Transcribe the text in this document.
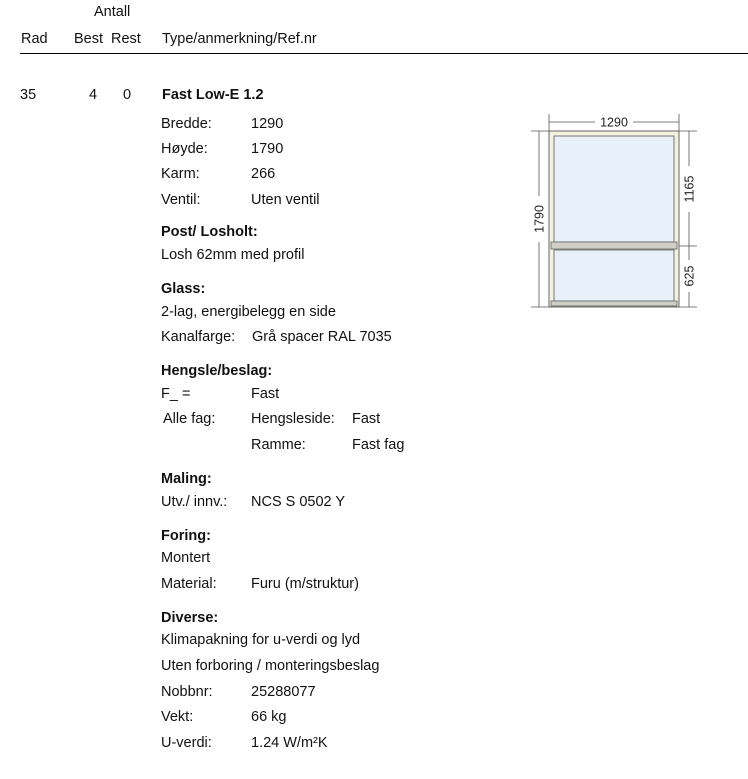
Antall
Rad Best Rest Type/anmerkning/Ref.nr
35	4 0 Fast Low-E 1.2
Bredde:	1290
Høyde:	1790
Karm:	266
Ventil:	Uten ventil
Post/ Losholt:
Losh 62mm med profil
Glass:
2-lag, energibelegg en side
Kanalfarge: Grå spacer RAL 7035
Hengsle/beslag:
F_ =	Fast
Alle fag: Hengsleside: Fast
Ramme:	Fast fag
Maling:
Utv./ innv.: NCS S 0502 Y
Foring:
Montert
Material: Furu (m/struktur)
Diverse:
Klimapakning for u-verdi og lyd
Uten forboring / monteringsbeslag
Nobbnr:	25288077
Vekt:	66 kg
U-verdi:	1.24 W/m²K
1290
1790
1165
625
